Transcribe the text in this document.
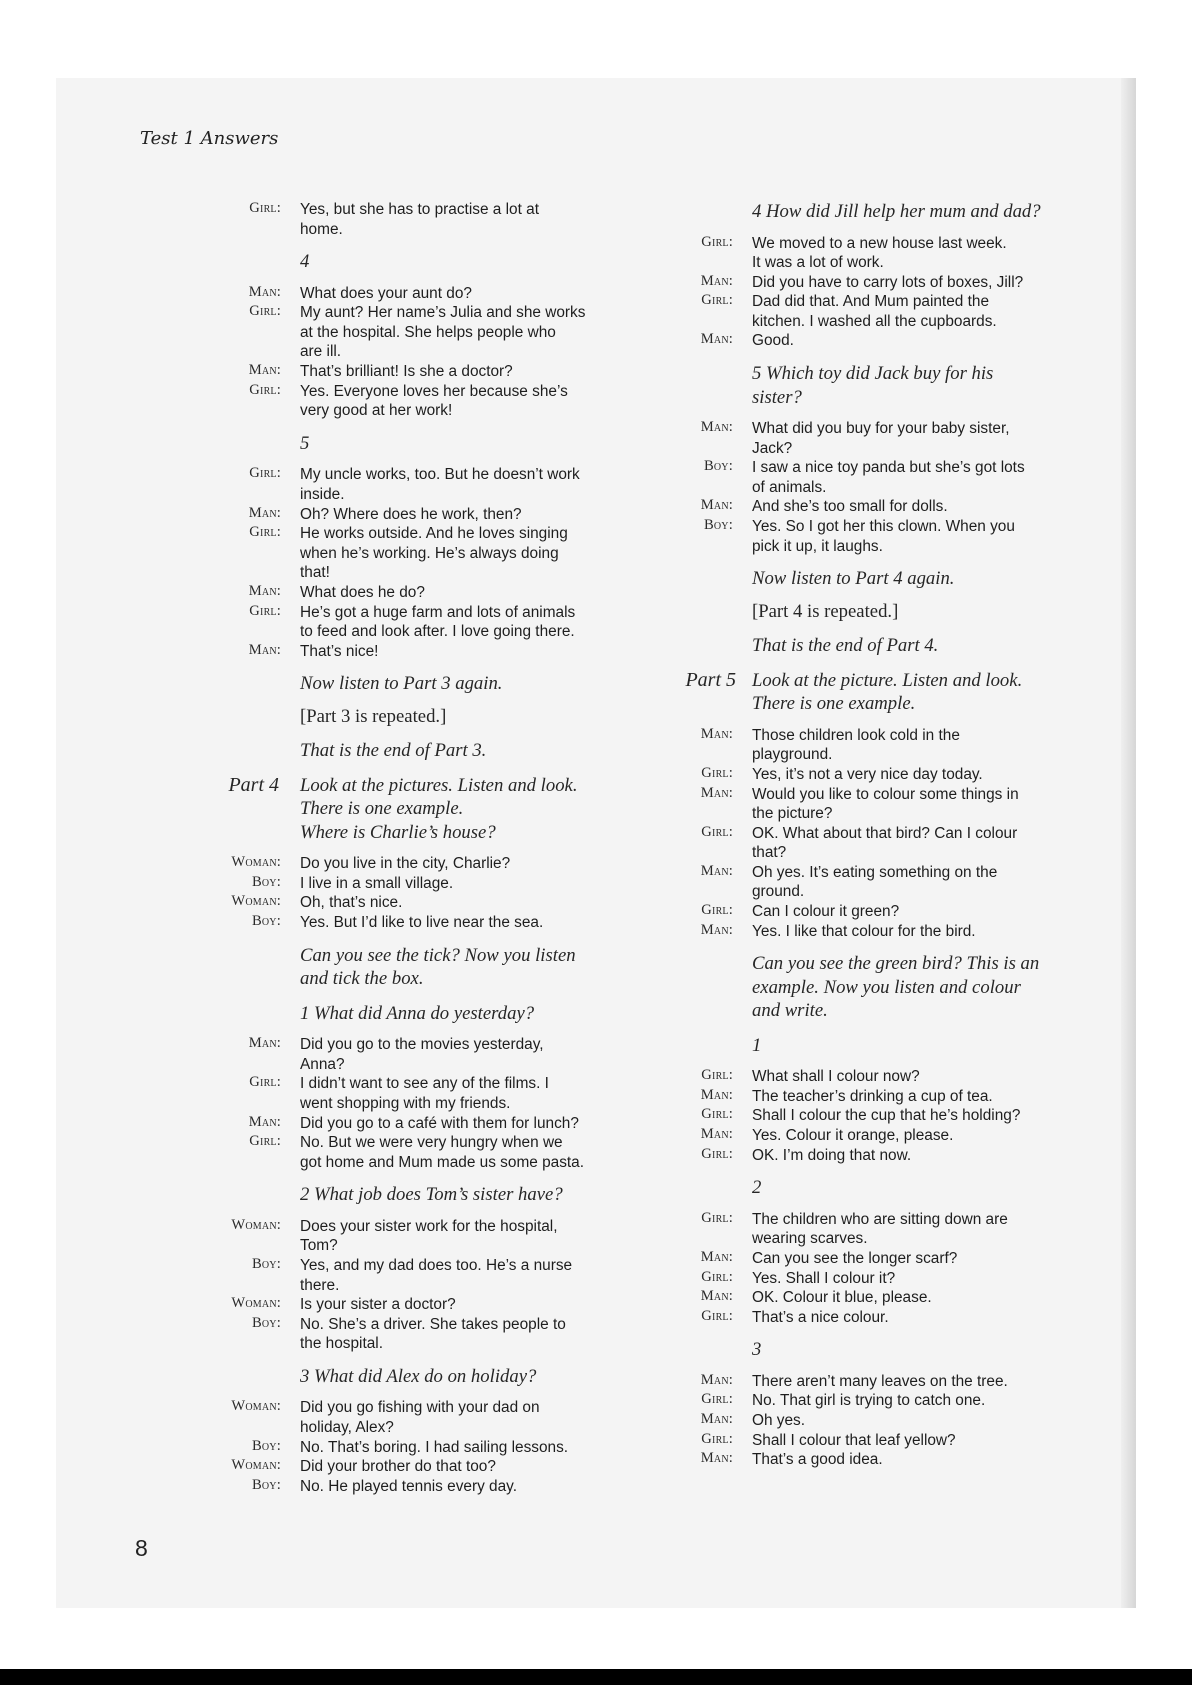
Test 1 Answers
Girl: Yes, but she has to practise a lot at
home.
4
Man: What does your aunt do?
Girl: My aunt? Her name’s Julia and she works
at the hospital. She helps people who
are ill.
Man: That’s brilliant! Is she a doctor?
Girl: Yes. Everyone loves her because she’s
very good at her work!
5
Girl: My uncle works, too. But he doesn’t work
inside.
Man: Oh? Where does he work, then?
Girl: He works outside. And he loves singing
when he’s working. He’s always doing
that!
Man: What does he do?
Girl: He’s got a huge farm and lots of animals
to feed and look after. I love going there.
Man: That’s nice!
Now listen to Part 3 again.
[Part 3 is repeated.]
That is the end of Part 3.
Part 4 Look at the pictures. Listen and look.
There is one example.
Where is Charlie’s house?
Woman: Do you live in the city, Charlie?
Boy: I live in a small village.
Woman: Oh, that’s nice.
Boy: Yes. But I’d like to live near the sea.
Can you see the tick? Now you listen
and tick the box.
1 What did Anna do yesterday?
Man: Did you go to the movies yesterday,
Anna?
Girl: I didn’t want to see any of the films. I
went shopping with my friends.
Man: Did you go to a café with them for lunch?
Girl: No. But we were very hungry when we
got home and Mum made us some pasta.
2 What job does Tom’s sister have?
Woman: Does your sister work for the hospital,
Tom?
Boy: Yes, and my dad does too. He’s a nurse
there.
Woman: Is your sister a doctor?
Boy: No. She’s a driver. She takes people to
the hospital.
3 What did Alex do on holiday?
Woman: Did you go fishing with your dad on
holiday, Alex?
Boy: No. That’s boring. I had sailing lessons.
Woman: Did your brother do that too?
Boy: No. He played tennis every day.
4 How did Jill help her mum and dad?
Girl: We moved to a new house last week.
It was a lot of work.
Man: Did you have to carry lots of boxes, Jill?
Girl: Dad did that. And Mum painted the
kitchen. I washed all the cupboards.
Man: Good.
5 Which toy did Jack buy for his
sister?
Man: What did you buy for your baby sister,
Jack?
Boy: I saw a nice toy panda but she’s got lots
of animals.
Man: And she’s too small for dolls.
Boy: Yes. So I got her this clown. When you
pick it up, it laughs.
Now listen to Part 4 again.
[Part 4 is repeated.]
That is the end of Part 4.
Part 5 Look at the picture. Listen and look.
There is one example.
Man: Those children look cold in the
playground.
Girl: Yes, it’s not a very nice day today.
Man: Would you like to colour some things in
the picture?
Girl: OK. What about that bird? Can I colour
that?
Man: Oh yes. It’s eating something on the
ground.
Girl: Can I colour it green?
Man: Yes. I like that colour for the bird.
Can you see the green bird? This is an
example. Now you listen and colour
and write.
1
Girl: What shall I colour now?
Man: The teacher’s drinking a cup of tea.
Girl: Shall I colour the cup that he’s holding?
Man: Yes. Colour it orange, please.
Girl: OK. I’m doing that now.
2
Girl: The children who are sitting down are
wearing scarves.
Man: Can you see the longer scarf?
Girl: Yes. Shall I colour it?
Man: OK. Colour it blue, please.
Girl: That’s a nice colour.
3
Man: There aren’t many leaves on the tree.
Girl: No. That girl is trying to catch one.
Man: Oh yes.
Girl: Shall I colour that leaf yellow?
Man: That’s a good idea.
8
